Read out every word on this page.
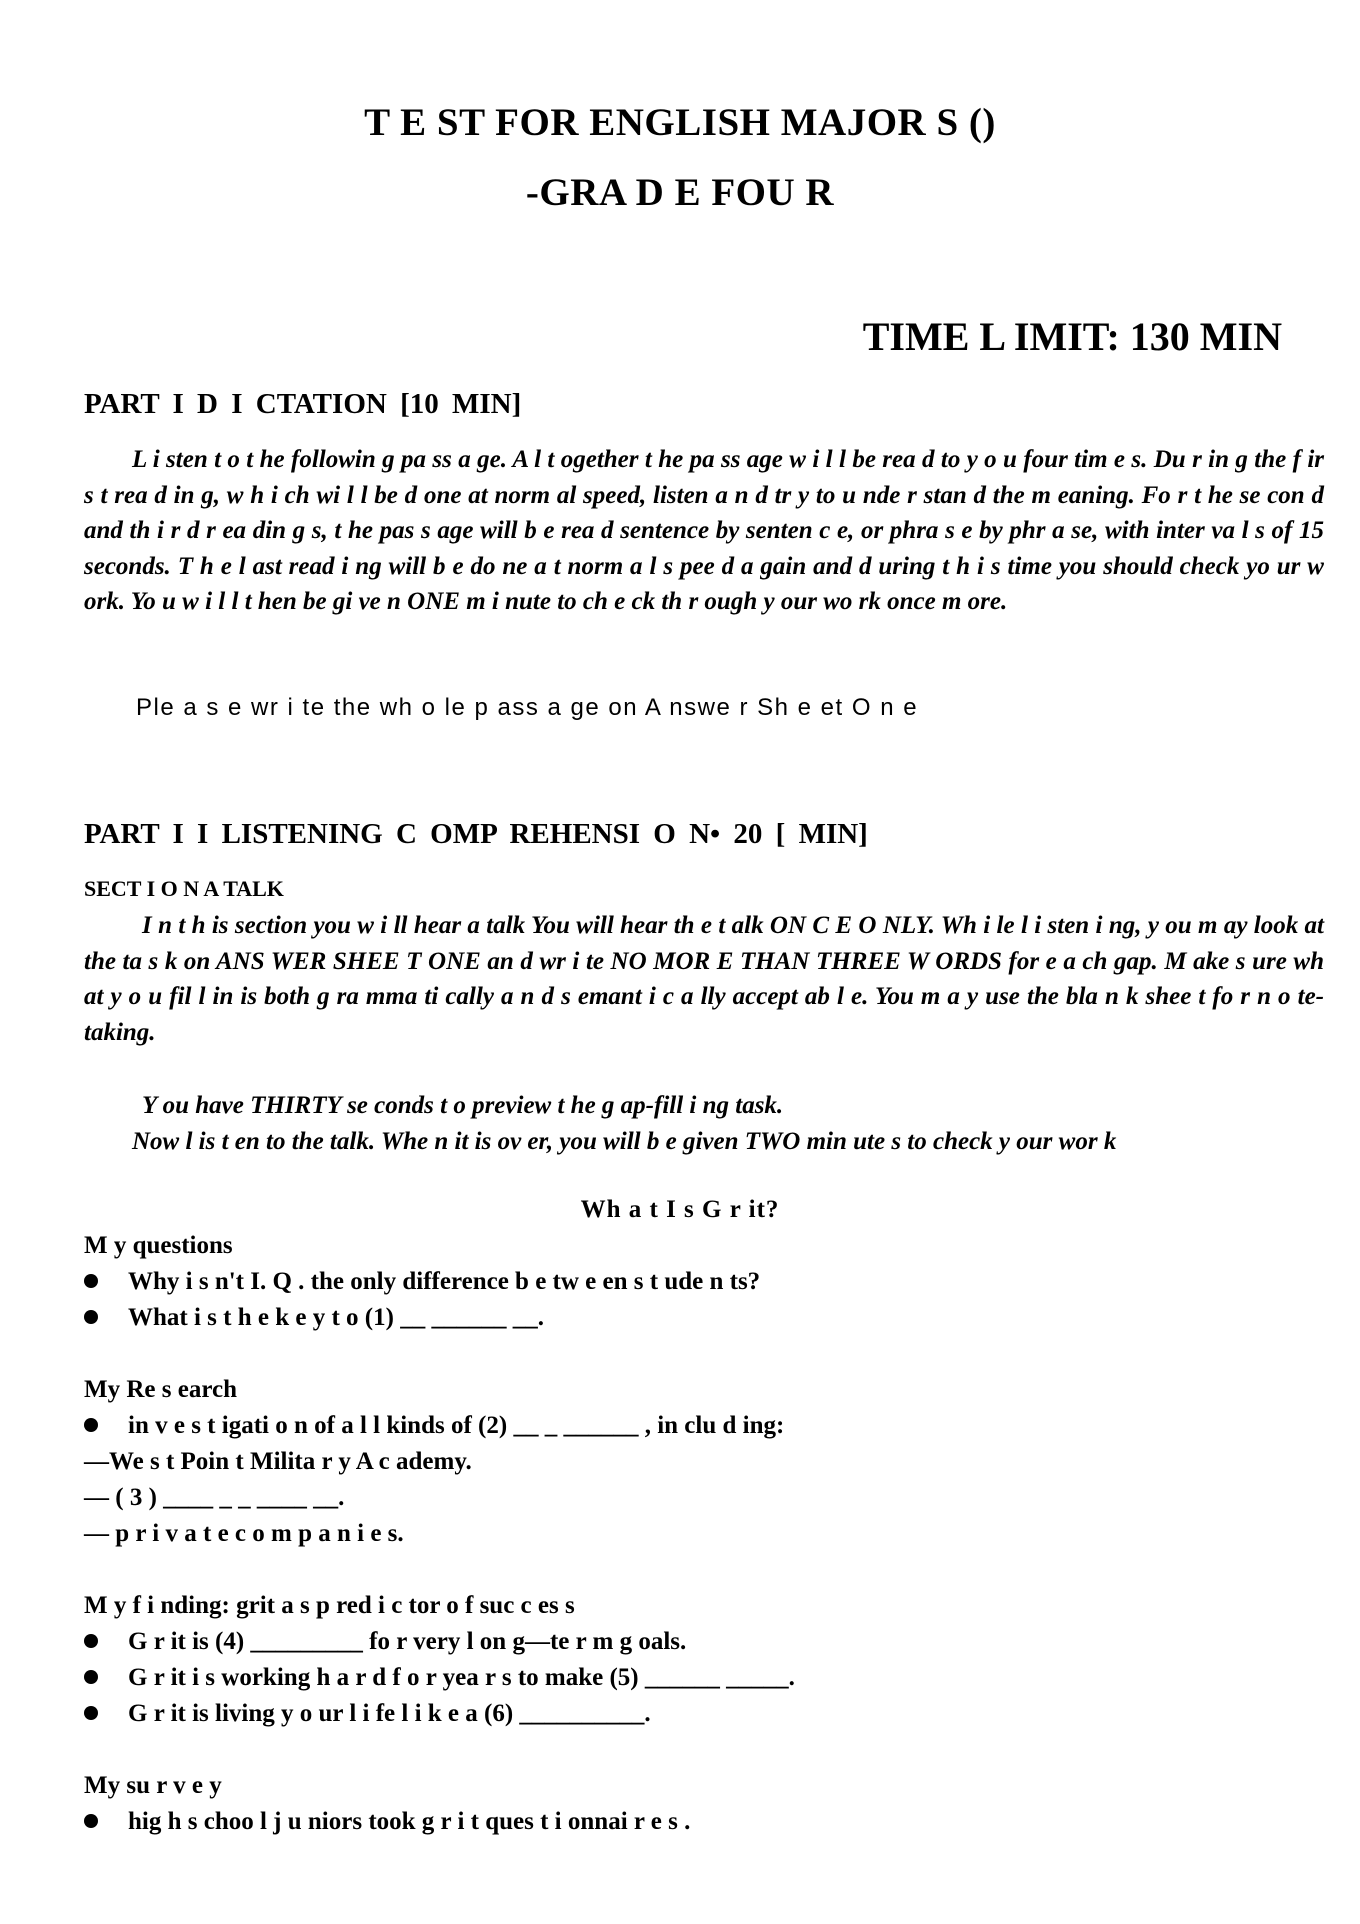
T E ST FOR ENGLISH MAJOR S ()
-GRA D E FOU R
TIME L IMIT: 130 MIN
PART I D I CTATION [10 MIN]
L i sten t o t he followin g pa ss a ge. A l t ogether t he pa ss age w i l l be rea d to y o u four tim e s. Du r in g the f ir s t rea d in g, w h i ch wi l l be d one at norm al speed, listen a n d tr y to u nde r stan d the m eaning. Fo r t he se con d and th i r d r ea din g s, t he pas s age will b e rea d sentence by senten c e, or phra s e by phr a se, with inter va l s of 15 seconds. T h e l ast read i ng will b e do ne a t norm a l s pee d a gain and d uring t h i s time you should check yo ur w ork. Yo u w i l l t hen be gi ve n ONE m i nute to ch e ck th r ough y our wo rk once m ore.
Ple a s e wr i te the wh o le p ass a ge on A nswe r Sh e et O n e
PART I I LISTENING C OMP REHENSI O N• 20 [ MIN]
SECT I O N A TALK
I n t h is section you w i ll hear a talk You will hear th e t alk ON C E O NLY. Wh i le l i sten i ng, y ou m ay look at the ta s k on ANS WER SHEE T ONE an d wr i te NO MOR E THAN THREE W ORDS for e a ch gap. M ake s ure wh at y o u fil l in is both g ra mma ti cally a n d s emant i c a lly accept ab l e. You m a y use the bla n k shee t fo r n o te-taking.
Y ou have THIRTY se conds t o preview t he g ap-fill i ng task.
Now l is t en to the talk. Whe n it is ov er, you will b e given TWO min ute s to check y our wor k
Wh a t I s G r it?
M y questions
Why i s n't I. Q . the only difference b e tw e en s t ude n ts?
What i s t h e k e y t o (1) __ ______ __.
My Re s earch
in v e s t igati o n of a l l kinds of (2) __ _ ______ , in clu d ing:
—We s t Poin t Milita r y A c ademy.
— ( 3 ) ____ _ _ ____ __.
— p r i v a t e c o m p a n i e s.
M y f i nding: grit a s p red i c tor o f suc c es s
G r it is (4) _________ fo r very l on g—te r m g oals.
G r it i s working h a r d f o r yea r s to make (5) ______ _____.
G r it is living y o ur l i fe l i k e a (6) __________.
My su r v e y
hig h s choo l j u niors took g r i t ques t i onnai r e s .
